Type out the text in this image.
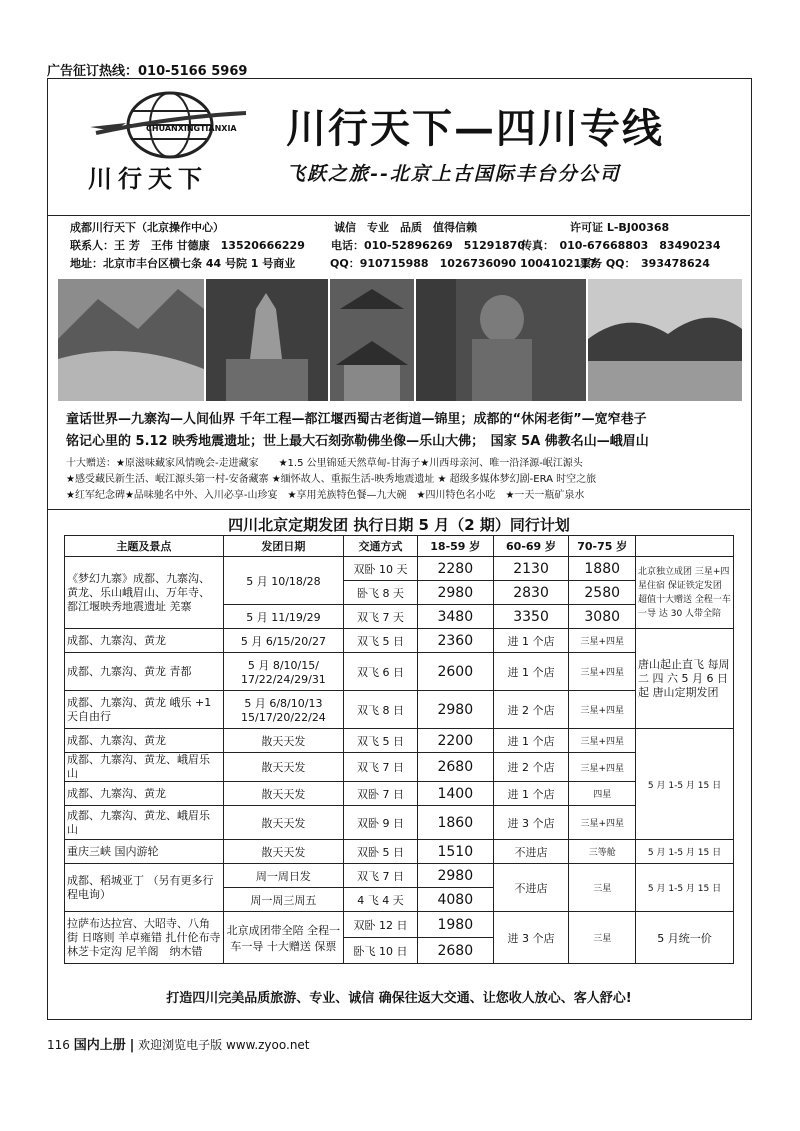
广告征订热线：010-5166 5969
CHUANXINGTIANXIA
川行天下
川行天下—四川专线
飞跃之旅--北京上古国际丰台分公司
成都川行天下（北京操作中心）	诚信　专业　品质　值得信赖	许可证 L-BJ00368
联系人：王 芳　王伟 甘德康　13520666229 电话：010-52896269　51291870
传真：　010-67668803　83490234
地址：北京市丰台区横七条 44 号院 1 号商业	QQ：910715988　1026736090 1004102117
票务 QQ：　393478624
童话世界—九寨沟—人间仙界 千年工程—都江堰西蜀古老街道—锦里；成都的“休闲老街”—宽窄巷子
铭记心里的 5.12 映秀地震遗址；世上最大石刻弥勒佛坐像—乐山大佛；　国家 5A 佛教名山—峨眉山
十大赠送：★原滋味藏家风情晚会-走进藏家　　★1.5 公里锦延天然草甸-甘海子★川西母亲河、唯一沿泽源-岷江源头
★感受藏民新生活、岷江源头第一村-安备藏寨 ★缅怀故人、重振生活-映秀地震遗址 ★ 超级多媒体梦幻剧-ERA 时空之旅
★红军纪念碑★品味驰名中外、入川必享-山珍宴　★享用羌族特色餐—九大碗　★四川特色名小吃　★一天一瓶矿泉水
四川北京定期发团 执行日期 5 月（2 期）同行计划
主题及景点	发团日期	交通方式	18-59 岁	60-69 岁	70-75 岁	
《梦幻九寨》成都、九寨沟、黄龙、乐山峨眉山、万年寺、都江堰映秀地震遗址 羌寨	5 月 10/18/28	双卧 10 天	2280	2130	1880	北京独立成团 三星+四星住宿 保证铁定发团 超值十大赠送 全程一车一导 达 30 人带全陪
		卧飞 8 天	2980	2830	2580	
	5 月 11/19/29	双飞 7 天	3480	3350	3080	
成都、九寨沟、黄龙	5 月 6/15/20/27	双飞 5 日	2360	进 1 个店	三星+四星	唐山起止直飞 每周二 四 六 5 月 6 日起 唐山定期发团
成都、九寨沟、黄龙 青都	5 月 8/10/15/ 17/22/24/29/31	双飞 6 日	2600	进 1 个店	三星+四星	
成都、九寨沟、黄龙 峨乐 +1 天自由行	5 月 6/8/10/13 15/17/20/22/24	双飞 8 日	2980	进 2 个店	三星+四星	
成都、九寨沟、黄龙	散天天发	双飞 5 日	2200	进 1 个店	三星+四星	5 月 1-5 月 15 日
成都、九寨沟、黄龙、峨眉乐山	散天天发	双飞 7 日	2680	进 2 个店	三星+四星	
成都、九寨沟、黄龙	散天天发	双卧 7 日	1400	进 1 个店	四星	
成都、九寨沟、黄龙、峨眉乐山	散天天发	双卧 9 日	1860	进 3 个店	三星+四星	
重庆三峡 国内游轮	散天天发	双卧 5 日	1510	不进店	三等舱	5 月 1-5 月 15 日
成都、稻城亚丁 （另有更多行程电询）	周一周日发	双飞 7 日	2980	不进店	三星	5 月 1-5 月 15 日
	周一周三周五	4 飞 4 天	4080			
拉萨布达拉宫、大昭寺、八角街 日喀则 羊卓雍错 扎什伦布寺 林芝卡定沟 尼羊阁　纳木错	北京成团带全陪 全程一车一导 十大赠送 保票	双卧 12 日	1980	进 3 个店	三星	5 月统一价
		卧飞 10 日	2680			
打造四川完美品质旅游、专业、诚信 确保往返大交通、让您收人放心、客人舒心!
116 国内上册 | 欢迎浏览电子版 www.zyoo.net
